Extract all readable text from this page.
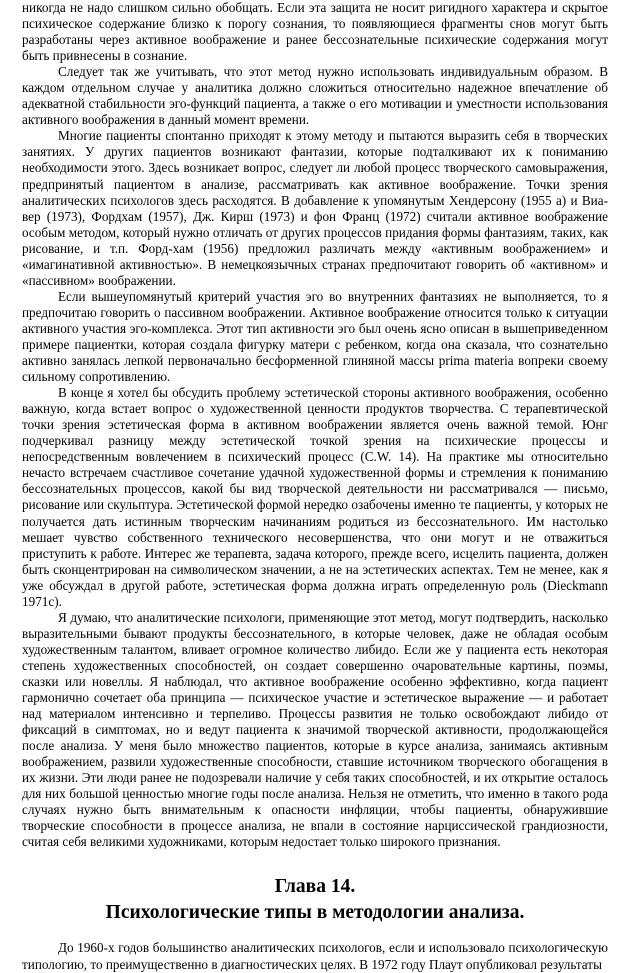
никогда не надо слишком сильно обобщать. Если эта защита не носит ригидного характера и скрытое психическое содержание близко к порогу сознания, то появляющиеся фрагменты снов могут быть разработаны через активное воображение и ранее бессознательные психические содержания могут быть привнесены в сознание.

Следует так же учитывать, что этот метод нужно использовать индивидуальным образом. В каждом отдельном случае у аналитика должно сложиться относительно надежное впечатление об адекватной стабильности эго-функций пациента, а также о его мотивации и уместности использования активного воображения в данный момент времени.

Многие пациенты спонтанно приходят к этому методу и пытаются выразить себя в творческих занятиях. У других пациентов возникают фантазии, которые подталкивают их к пониманию необходимости этого. Здесь возникает вопрос, следует ли любой процесс творческого самовыражения, предпринятый пациентом в анализе, рассматривать как активное воображение. Точки зрения аналитических психологов здесь расходятся. В добавление к упомянутым Хендерсону (1955 а) и Виа-вер (1973), Фордхам (1957), Дж. Кирш (1973) и фон Франц (1972) считали активное воображение особым методом, который нужно отличать от других процессов придания формы фантазиям, таких, как рисование, и т.п. Форд-хам (1956) предложил различать между «активным воображением» и «имагинативной активностью». В немецкоязычных странах предпочитают говорить об «активном» и «пассивном» воображении.

Если вышеупомянутый критерий участия эго во внутренних фантазиях не выполняется, то я предпочитаю говорить о пассивном воображении. Активное воображение относится только к ситуации активного участия эго-комплекса. Этот тип активности эго был очень ясно описан в вышеприведенном примере пациентки, которая создала фигурку матери с ребенком, когда она сказала, что сознательно активно занялась лепкой первоначально бесформенной глиняной массы prima materia вопреки своему сильному сопротивлению.

В конце я хотел бы обсудить проблему эстетической стороны активного воображения, особенно важную, когда встает вопрос о художественной ценности продуктов творчества. С терапевтической точки зрения эстетическая форма в активном воображении является очень важной темой. Юнг подчеркивал разницу между эстетической точкой зрения на психические процессы и непосредственным вовлечением в психический процесс (C.W. 14). На практике мы относительно нечасто встречаем счастливое сочетание удачной художественной формы и стремления к пониманию бессознательных процессов, какой бы вид творческой деятельности ни рассматривался — письмо, рисование или скульптура. Эстетической формой нередко озабочены именно те пациенты, у которых не получается дать истинным творческим начинаниям родиться из бессознательного. Им настолько мешает чувство собственного технического несовершенства, что они могут и не отважиться приступить к работе. Интерес же терапевта, задача которого, прежде всего, исцелить пациента, должен быть сконцентрирован на символическом значении, а не на эстетических аспектах. Тем не менее, как я уже обсуждал в другой работе, эстетическая форма должна играть определенную роль (Dieckmann 1971c).

Я думаю, что аналитические психологи, применяющие этот метод, могут подтвердить, насколько выразительными бывают продукты бессознательного, в которые человек, даже не обладая особым художественным талантом, вливает огромное количество либидо. Если же у пациента есть некоторая степень художественных способностей, он создает совершенно очаровательные картины, поэмы, сказки или новеллы. Я наблюдал, что активное воображение особенно эффективно, когда пациент гармонично сочетает оба принципа — психическое участие и эстетическое выражение — и работает над материалом интенсивно и терпеливо. Процессы развития не только освобождают либидо от фиксаций в симптомах, но и ведут пациента к значимой творческой активности, продолжающейся после анализа. У меня было множество пациентов, которые в курсе анализа, занимаясь активным воображением, развили художественные способности, ставшие источником творческого обогащения в их жизни. Эти люди ранее не подозревали наличие у себя таких способностей, и их открытие осталось для них большой ценностью многие годы после анализа. Нельзя не отметить, что именно в такого рода случаях нужно быть внимательным к опасности инфляции, чтобы пациенты, обнаружившие творческие способности в процессе анализа, не впали в состояние нарциссической грандиозности, считая себя великими художниками, которым недостает только широкого признания.

Глава 14.
Психологические типы в методологии анализа.

До 1960-х годов большинство аналитических психологов, если и использовало психологическую типологию, то преимущественно в диагностических целях. В 1972 году Плаут опубликовал результаты
